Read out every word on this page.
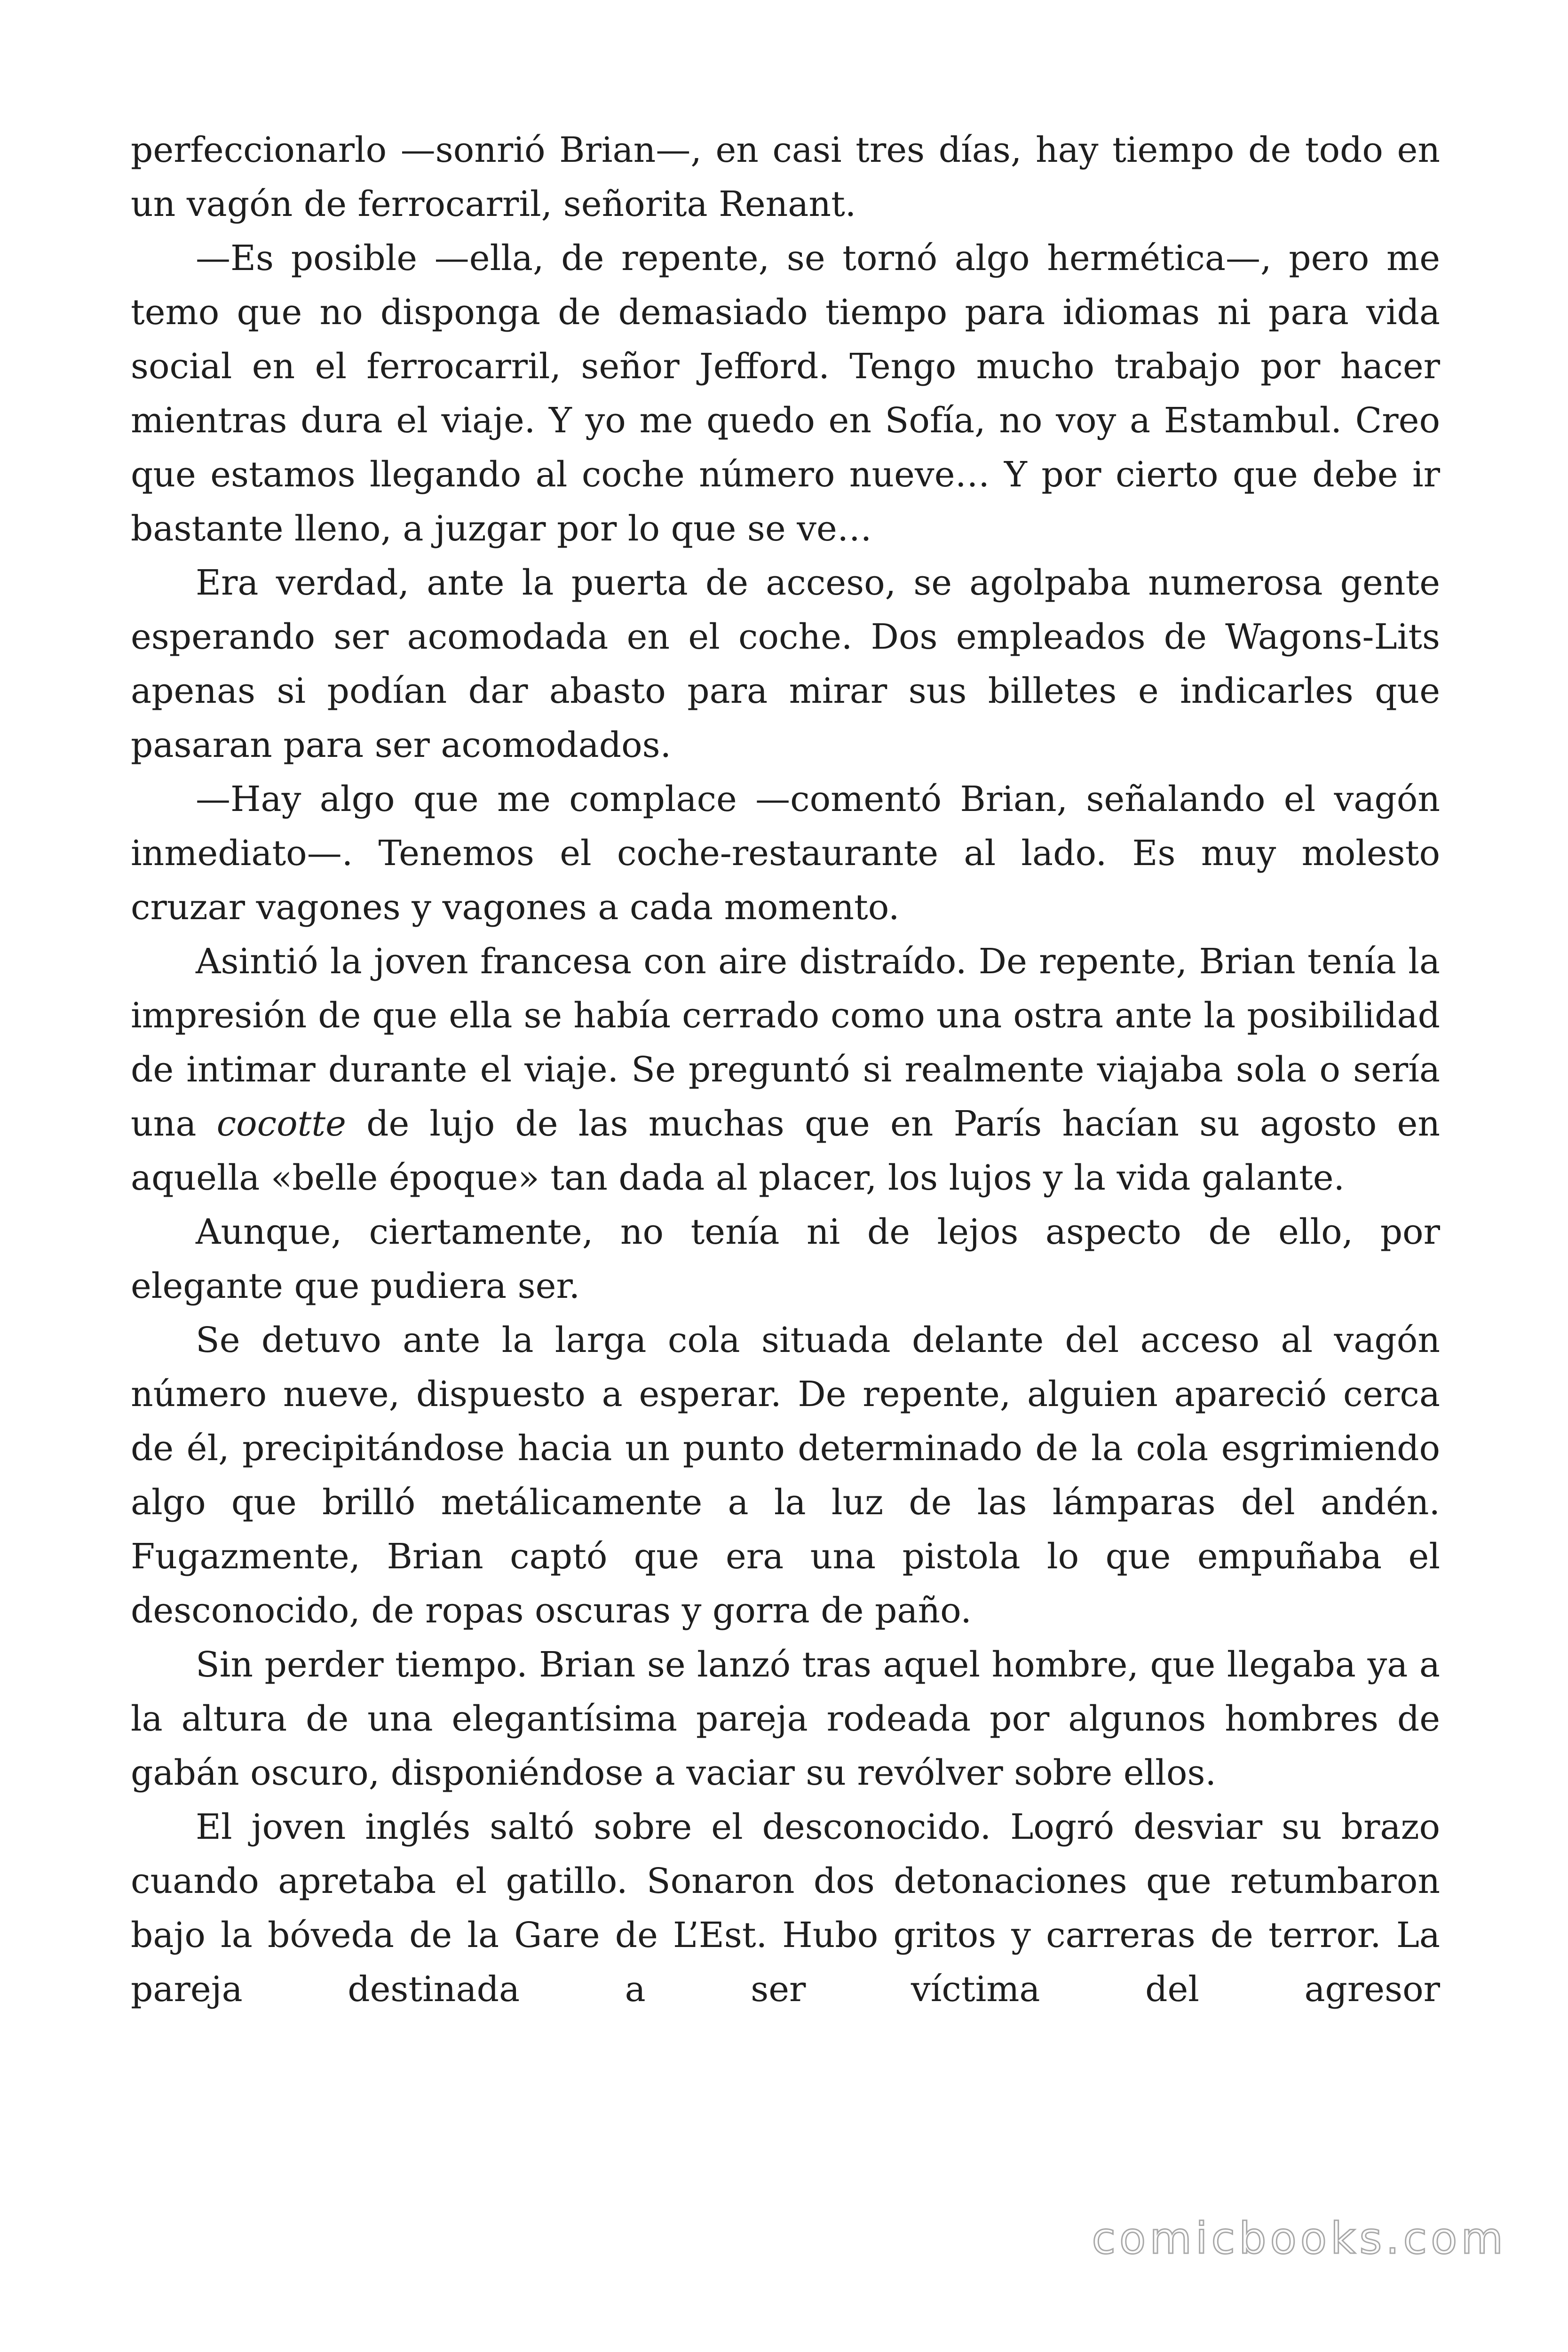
perfeccionarlo —sonrió Brian—, en casi tres días, hay tiempo de todo en un vagón de ferrocarril, señorita Renant.

—Es posible —ella, de repente, se tornó algo hermética—, pero me temo que no disponga de demasiado tiempo para idiomas ni para vida social en el ferrocarril, señor Jefford. Tengo mucho trabajo por hacer mientras dura el viaje. Y yo me quedo en Sofía, no voy a Estambul. Creo que estamos llegando al coche número nueve… Y por cierto que debe ir bastante lleno, a juzgar por lo que se ve…

Era verdad, ante la puerta de acceso, se agolpaba numerosa gente esperando ser acomodada en el coche. Dos empleados de Wagons-Lits apenas si podían dar abasto para mirar sus billetes e indicarles que pasaran para ser acomodados.

—Hay algo que me complace —comentó Brian, señalando el vagón inmediato—. Tenemos el coche-restaurante al lado. Es muy molesto cruzar vagones y vagones a cada momento.

Asintió la joven francesa con aire distraído. De repente, Brian tenía la impresión de que ella se había cerrado como una ostra ante la posibilidad de intimar durante el viaje. Se preguntó si realmente viajaba sola o sería una cocotte de lujo de las muchas que en París hacían su agosto en aquella «belle époque» tan dada al placer, los lujos y la vida galante.

Aunque, ciertamente, no tenía ni de lejos aspecto de ello, por elegante que pudiera ser.

Se detuvo ante la larga cola situada delante del acceso al vagón número nueve, dispuesto a esperar. De repente, alguien apareció cerca de él, precipitándose hacia un punto determinado de la cola esgrimiendo algo que brilló metálicamente a la luz de las lámparas del andén. Fugazmente, Brian captó que era una pistola lo que empuñaba el desconocido, de ropas oscuras y gorra de paño.

Sin perder tiempo. Brian se lanzó tras aquel hombre, que llegaba ya a la altura de una elegantísima pareja rodeada por algunos hombres de gabán oscuro, disponiéndose a vaciar su revólver sobre ellos.

El joven inglés saltó sobre el desconocido. Logró desviar su brazo cuando apretaba el gatillo. Sonaron dos detonaciones que retumbaron bajo la bóveda de la Gare de L’Est. Hubo gritos y carreras de terror. La pareja destinada a ser víctima del agresor

comicbooks.com
